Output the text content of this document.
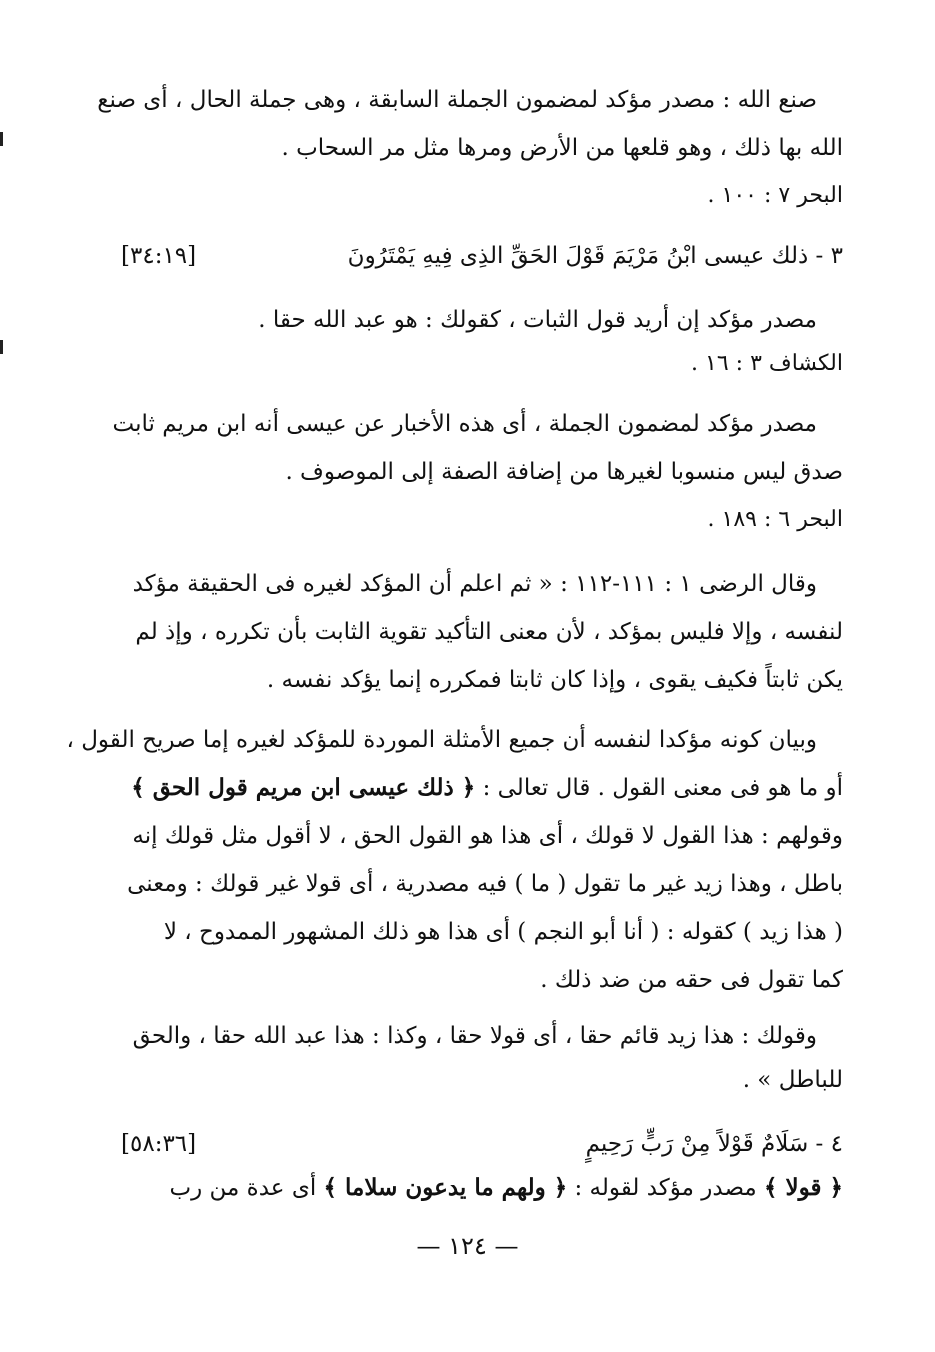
صنع الله : مصدر مؤكد لمضمون الجملة السابقة ، وهى جملة الحال ، أى صنع
الله بها ذلك ، وهو قلعها من الأرض ومرها مثل مر السحاب .
البحر ٧ : ١٠٠ .
٣ - ذلك عيسى ابْنُ مَرْيَمَ قَوْلَ الحَقِّ الذِى فِيهِ يَمْتَرُونَ
[٣٤:١٩]
مصدر مؤكد إن أريد قول الثبات ، كقولك : هو عبد الله حقا .
الكشاف ٣ : ١٦ .
مصدر مؤكد لمضمون الجملة ، أى هذه الأخبار عن عيسى أنه ابن مريم ثابت
صدق ليس منسوبا لغيرها من إضافة الصفة إلى الموصوف .
البحر ٦ : ١٨٩ .
وقال الرضى ١ : ١١١-١١٢ : « ثم اعلم أن المؤكد لغيره فى الحقيقة مؤكد
لنفسه ، وإلا فليس بمؤكد ، لأن معنى التأكيد تقوية الثابت بأن تكرره ، وإذ لم
يكن ثابتاً فكيف يقوى ، وإذا كان ثابتا فمكرره إنما يؤكد نفسه .
وبيان كونه مؤكدا لنفسه أن جميع الأمثلة الموردة للمؤكد لغيره إما صريح القول ،
أو ما هو فى معنى القول . قال تعالى : ﴿ ذلك عيسى ابن مريم قول الحق ﴾
وقولهم : هذا القول لا قولك ، أى هذا هو القول الحق ، لا أقول مثل قولك إنه
باطل ، وهذا زيد غير ما تقول ( ما ) فيه مصدرية ، أى قولا غير قولك : ومعنى
( هذا زيد ) كقوله : ( أنا أبو النجم ) أى هذا هو ذلك المشهور الممدوح ، لا
كما تقول فى حقه من ضد ذلك .
وقولك : هذا زيد قائم حقا ، أى قولا حقا ، وكذا : هذا عبد الله حقا ، والحق
للباطل » .
٤ - سَلَامٌ قَوْلاً مِنْ رَبٍّ رَحِيمٍ
[٥٨:٣٦]
﴿ قولا ﴾ مصدر مؤكد لقوله : ﴿ ولهم ما يدعون سلاما ﴾ أى عدة من رب
— ١٢٤ —
